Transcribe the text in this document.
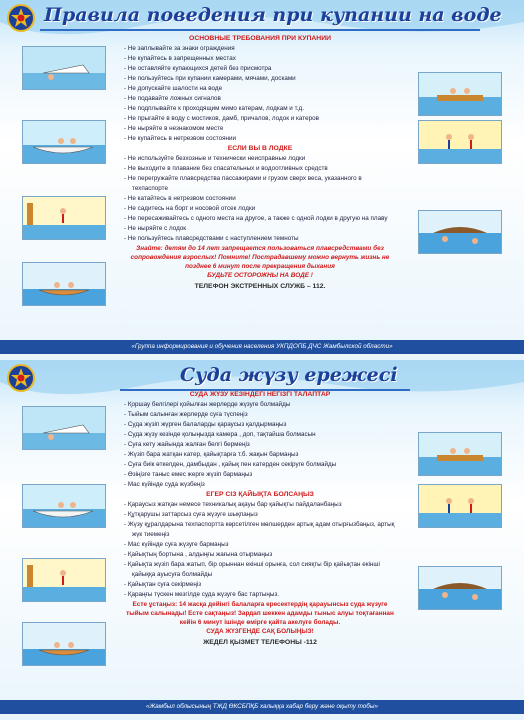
Правила поведения при купании на воде
ОСНОВНЫЕ ТРЕБОВАНИЯ ПРИ КУПАНИИ
- Не заплывайте за знаки ограждения
- Не купайтесь в запрещенных местах
- Не оставляйте купающихся детей без присмотра
- Не пользуйтесь при купании камерами, мячами, досками
- Не допускайте шалости на воде
- Не подавайте ложных сигналов
- Не подплывайте к проходящим мимо катерам, лодкам и т.д.
- Не прыгайте в воду с мостиков, дамб, причалов, лодок и катеров
- Не ныряйте в незнакомом месте
- Не купайтесь в нетрезвом состоянии
ЕСЛИ ВЫ В ЛОДКЕ
- Не используйте безхозные и технически неисправные лодки
- Не выходите в плавание без спасательных и водоотливных средств
- Не перегружайте плавсредства пассажирами и грузом сверх веса, указанного в техпаспорте
- Не катайтесь в нетрезвом состоянии
- Не садитесь на борт и носовой отсек лодки
- Не пересаживайтесь с одного места на другое, а также с одной лодки в другую на плаву
- Не ныряйте с лодок
- Не пользуйтесь плавсредствами с наступлением темноты
Знайте: детям до 14 лет запрещается пользоваться плавсредствами без сопровождения взрослых! Помните! Пострадавшему можно вернуть жизнь не позднее 6 минут после прекращения дыхания
БУДЬТЕ ОСТОРОЖНЫ НА ВОДЕ !
ТЕЛЕФОН ЭКСТРЕННЫХ СЛУЖБ – 112.
«Группа информирования и обучения населения УКПДОПБ ДЧС Жамбылской области»
Суда жүзу ережесі
СУДА ЖҮЗУ КЕЗІНДЕГІ НЕГІЗГІ ТАЛАПТАР
- Қоршау белгілері қойылған жерлерде жүзуге болмайды
- Тыйым салынған жерлерде суға түспеңіз
- Суда жүзіп жүрген балаларды қараусыз қалдырмаңыз
- Суда жүзу кезінде қолыңызда камера , доп, тақтайша болмасын
- Суға кету жайында жалған белгі бермеңіз
- Жүзіп бара жатқан катер, қайықтарға т.б. жақын бармаңыз
- Суға биік өткелден, дамбыдан , қайық пен катерден секіруге болмайды
- Өзіңізге таныс емес жерге жүзіп бармаңыз
- Мас күйінде суда жүзбеңіз
ЕГЕР СІЗ ҚАЙЫҚТА БОЛСАҢЫЗ
- Қараусыз жатқан немесе техникалық ақауы бар қайықты пайдаланбаңыз
- Құтқарушы заттарсыз суға жүзуге шықпаңыз
- Жүзу құралдарына техпаспортта көрсетілген мөлшерден артық адам отырғызбаңыз, артық жүк тиемеңіз
- Мас күйінде суға жүзуге бармаңыз
- Қайықтың бортына , алдыңғы жағына отырмаңыз
- Қайықта жүзіп бара жатып, бір орыннан екінші орынға, сол сияқты бір қайықтан екінші қайыққа ауысуға болмайды
- Қайықтан суға секірмеңіз
- Қараңғы түскен мезгілде суда жүзуге бас тартыңыз.
Есте ұстаңыз: 14 жасқа дейінгі балаларға ересектердің қарауынсыз суда жүзуге тыйым салынады! Есте сақтаңыз! Зардап шеккен адамды тыныс алуы тоқтағаннан кейін 6 минут ішінде өмірге қайта акелуге болады.
СУДА ЖҮЗГЕНДЕ САҚ БОЛЫҢЫЗ!
ЖЕДЕЛ ҚЫЗМЕТ ТЕЛЕФОНЫ -112
«Жамбыл облысының ТЖД ӨКСБПҚБ халыққа хабар беру және оқыту тобы»
